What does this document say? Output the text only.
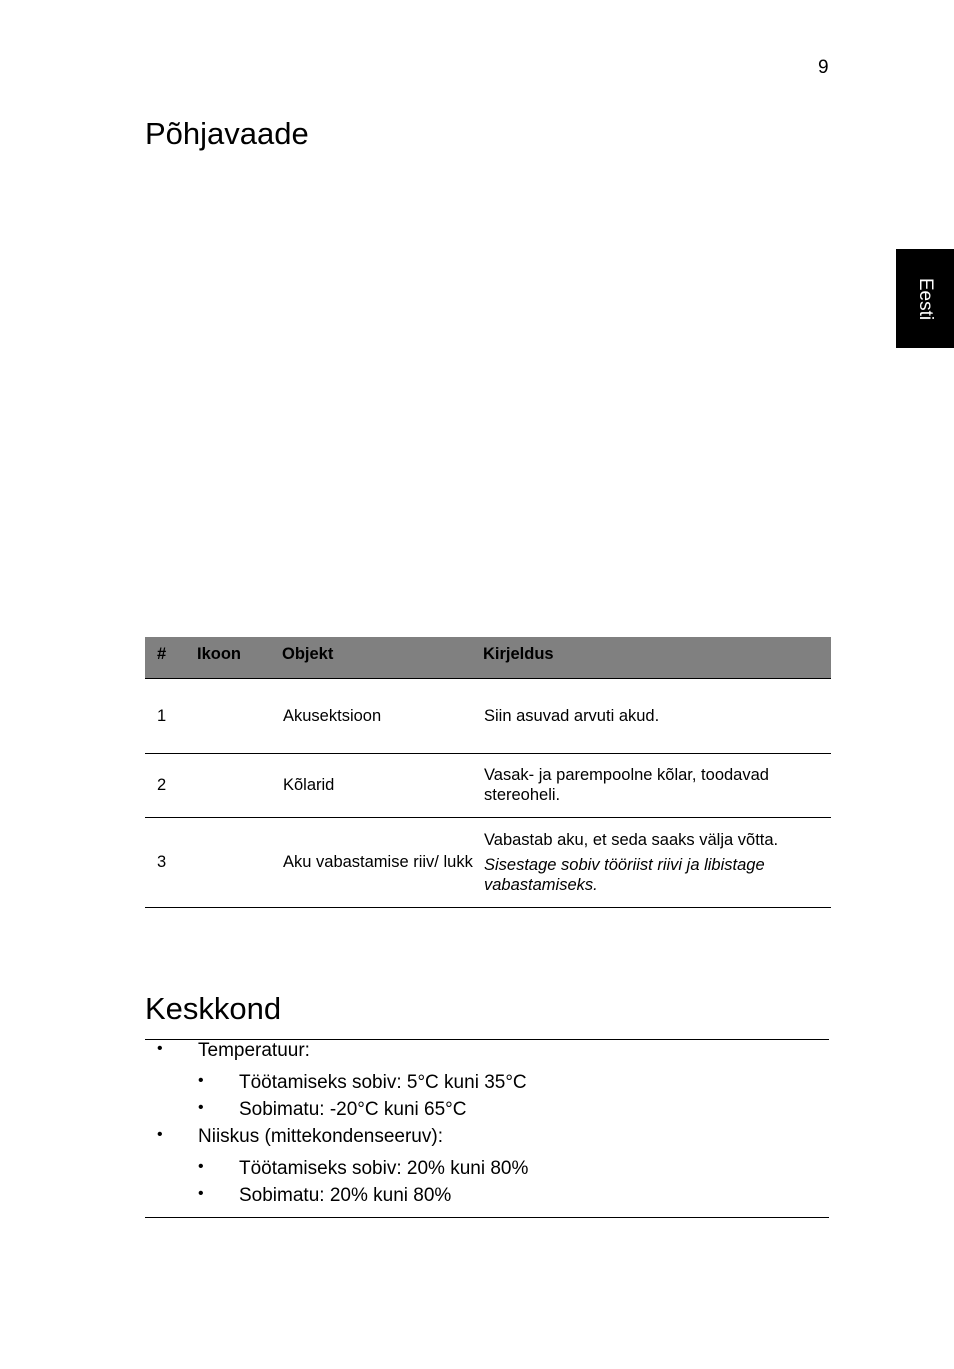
9
Eesti
Põhjavaade
#	Ikoon	Objekt	Kirjeldus
1		Akusektsioon	Siin asuvad arvuti akud.

2		Kõlarid	Vasak- ja parempoolne kõlar, toodavad stereoheli.

3		Aku vabastamise riiv/ lukk	Vabastab aku, et seda saaks välja võtta.
Sisestage sobiv tööriist riivi ja libistage vabastamiseks.
Keskkond
• Temperatuur:
• Töötamiseks sobiv: 5°C kuni 35°C
• Sobimatu: -20°C kuni 65°C
• Niiskus (mittekondenseeruv):
• Töötamiseks sobiv: 20% kuni 80%
• Sobimatu: 20% kuni 80%
